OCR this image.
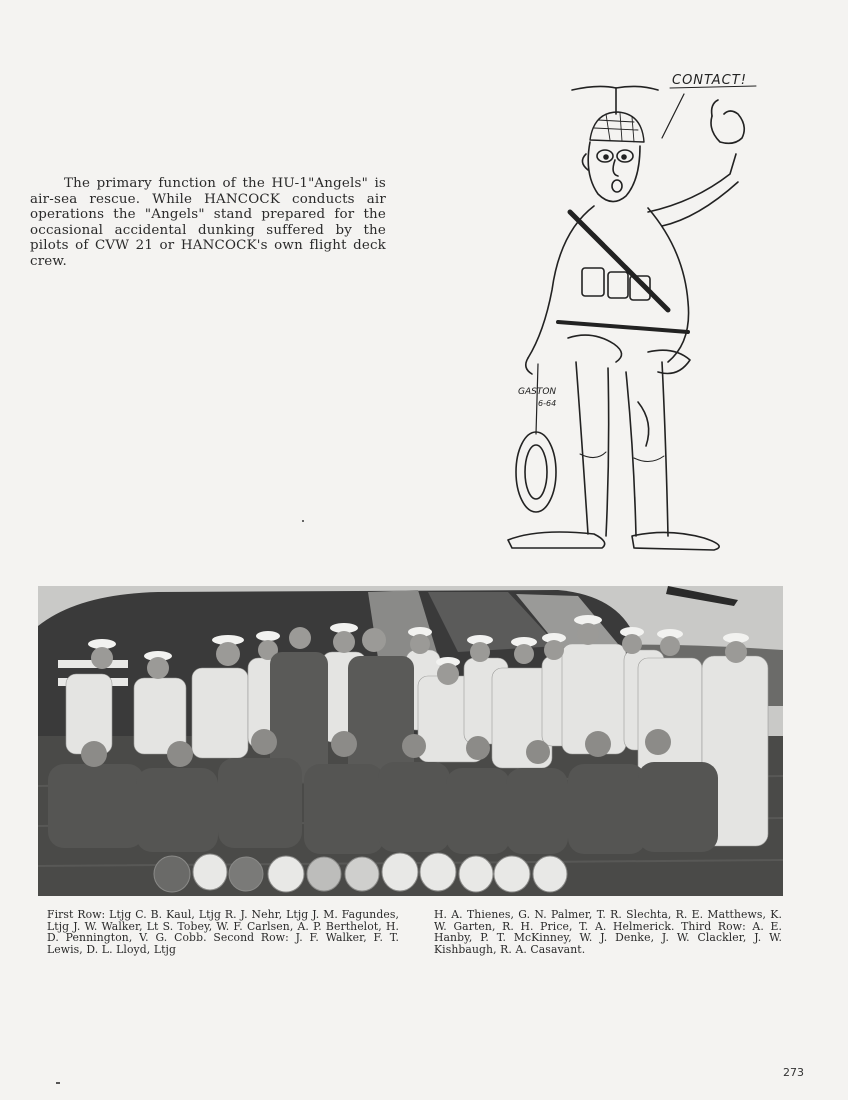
The primary function of the HU-1"Angels" is air-sea rescue. While HANCOCK conducts air operations the "Angels" stand prepared for the occasional accidental dunking suffered by the pilots of CVW 21 or HANCOCK's own flight deck crew.

CONTACT!
GASTON
6-64

First Row: Ltjg C. B. Kaul, Ltjg R. J. Nehr, Ltjg J. M. Fagundes, Ltjg J. W. Walker, Lt S. Tobey, W. F. Carlsen, A. P. Berthelot, H. D. Pennington, V. G. Cobb. Second Row: J. F. Walker, F. T. Lewis, D. L. Lloyd, Ltjg

H. A. Thienes, G. N. Palmer, T. R. Slechta, R. E. Matthews, K. W. Garten, R. H. Price, T. A. Helmerick. Third Row: A. E. Hanby, P. T. McKinney, W. J. Denke, J. W. Clackler, J. W. Kishbaugh, R. A. Casavant.

273
